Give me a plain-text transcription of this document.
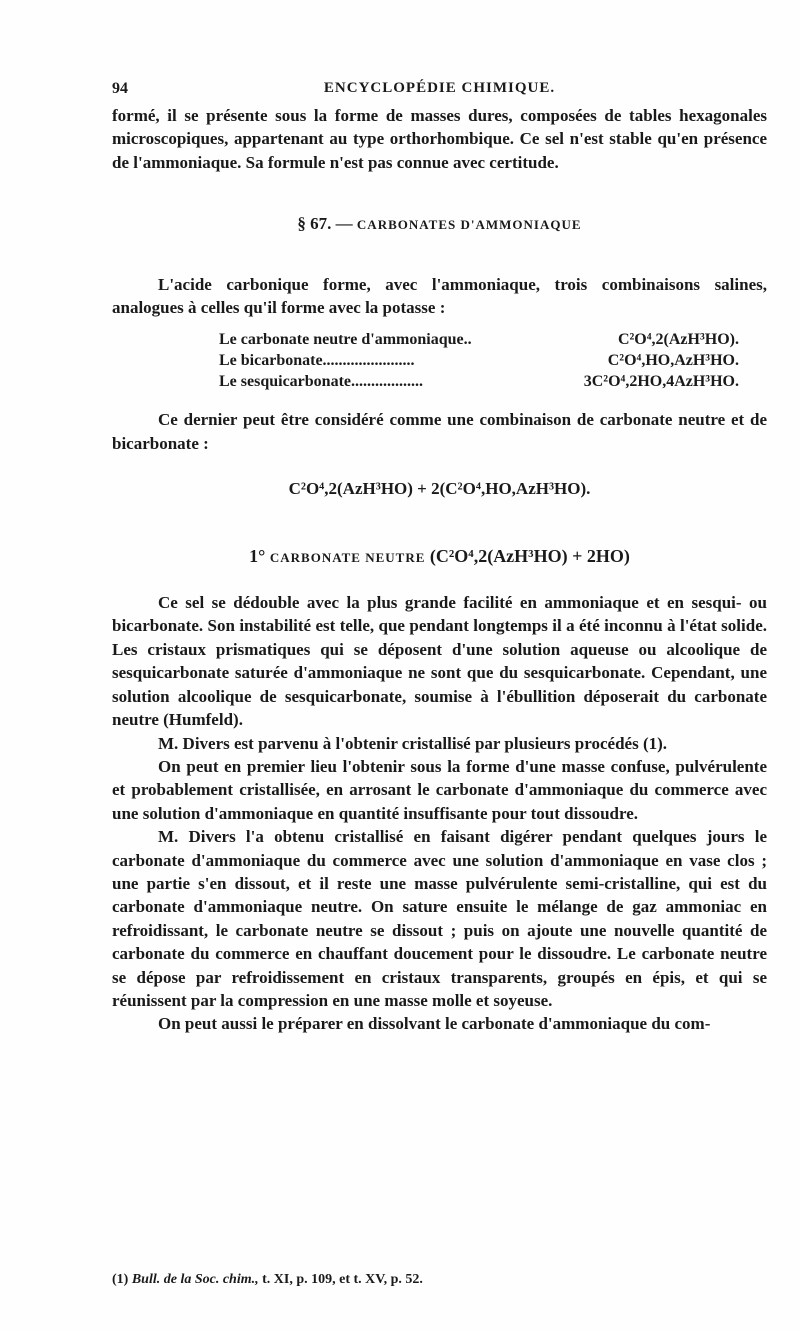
94	ENCYCLOPÉDIE CHIMIQUE.

formé, il se présente sous la forme de masses dures, composées de tables hexagonales microscopiques, appartenant au type orthorhombique. Ce sel n'est stable qu'en présence de l'ammoniaque. Sa formule n'est pas connue avec certitude.

§ 67. — CARBONATES D'AMMONIAQUE

L'acide carbonique forme, avec l'ammoniaque, trois combinaisons salines, analogues à celles qu'il forme avec la potasse :

Le carbonate neutre d'ammoniaque..	C²O⁴,2(AzH³HO).
Le bicarbonate.......................	C²O⁴,HO,AzH³HO.
Le sesquicarbonate..................	3C²O⁴,2HO,4AzH³HO.

Ce dernier peut être considéré comme une combinaison de carbonate neutre et de bicarbonate :

C²O⁴,2(AzH³HO) + 2(C²O⁴,HO,AzH³HO).
1° CARBONATE NEUTRE (C²O⁴,2(AzH³HO) + 2HO)

Ce sel se dédouble avec la plus grande facilité en ammoniaque et en sesqui- ou bicarbonate. Son instabilité est telle, que pendant longtemps il a été inconnu à l'état solide. Les cristaux prismatiques qui se déposent d'une solution aqueuse ou alcoolique de sesquicarbonate saturée d'ammoniaque ne sont que du sesquicarbonate. Cependant, une solution alcoolique de sesquicarbonate, soumise à l'ébullition déposerait du carbonate neutre (Humfeld).

M. Divers est parvenu à l'obtenir cristallisé par plusieurs procédés (1).

On peut en premier lieu l'obtenir sous la forme d'une masse confuse, pulvérulente et probablement cristallisée, en arrosant le carbonate d'ammoniaque du commerce avec une solution d'ammoniaque en quantité insuffisante pour tout dissoudre.

M. Divers l'a obtenu cristallisé en faisant digérer pendant quelques jours le carbonate d'ammoniaque du commerce avec une solution d'ammoniaque en vase clos ; une partie s'en dissout, et il reste une masse pulvérulente semi-cristalline, qui est du carbonate d'ammoniaque neutre. On sature ensuite le mélange de gaz ammoniac en refroidissant, le carbonate neutre se dissout ; puis on ajoute une nouvelle quantité de carbonate du commerce en chauffant doucement pour le dissoudre. Le carbonate neutre se dépose par refroidissement en cristaux transparents, groupés en épis, et qui se réunissent par la compression en une masse molle et soyeuse.

On peut aussi le préparer en dissolvant le carbonate d'ammoniaque du com-

(1) Bull. de la Soc. chim., t. XI, p. 109, et t. XV, p. 52.
